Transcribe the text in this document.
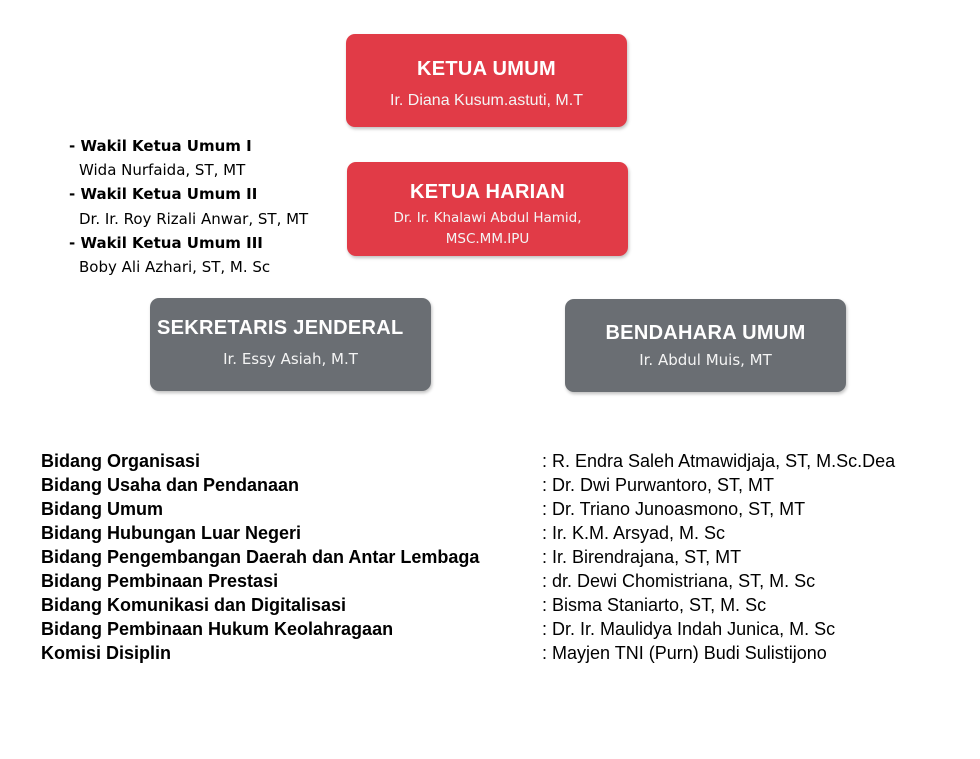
KETUA UMUM
Ir. Diana Kusum.astuti, M.T
- Wakil Ketua Umum I
Wida Nurfaida, ST, MT
- Wakil Ketua Umum II
Dr. Ir. Roy Rizali Anwar, ST, MT
- Wakil Ketua Umum III
Boby Ali Azhari, ST, M. Sc
KETUA HARIAN
Dr. Ir. Khalawi Abdul Hamid,
MSC.MM.IPU
SEKRETARIS JENDERAL
Ir. Essy Asiah, M.T
BENDAHARA UMUM
Ir. Abdul Muis, MT
Bidang Organisasi	: R. Endra Saleh Atmawidjaja, ST, M.Sc.Dea
Bidang Usaha dan Pendanaan	: Dr. Dwi Purwantoro, ST, MT
Bidang Umum	: Dr. Triano Junoasmono, ST, MT
Bidang Hubungan Luar Negeri	: Ir. K.M. Arsyad, M. Sc
Bidang Pengembangan Daerah dan Antar Lembaga	: Ir. Birendrajana, ST, MT
Bidang Pembinaan Prestasi	: dr. Dewi Chomistriana, ST, M. Sc
Bidang Komunikasi dan Digitalisasi	: Bisma Staniarto, ST, M. Sc
Bidang Pembinaan Hukum Keolahragaan	: Dr. Ir. Maulidya Indah Junica, M. Sc
Komisi Disiplin	: Mayjen TNI (Purn) Budi Sulistijono
